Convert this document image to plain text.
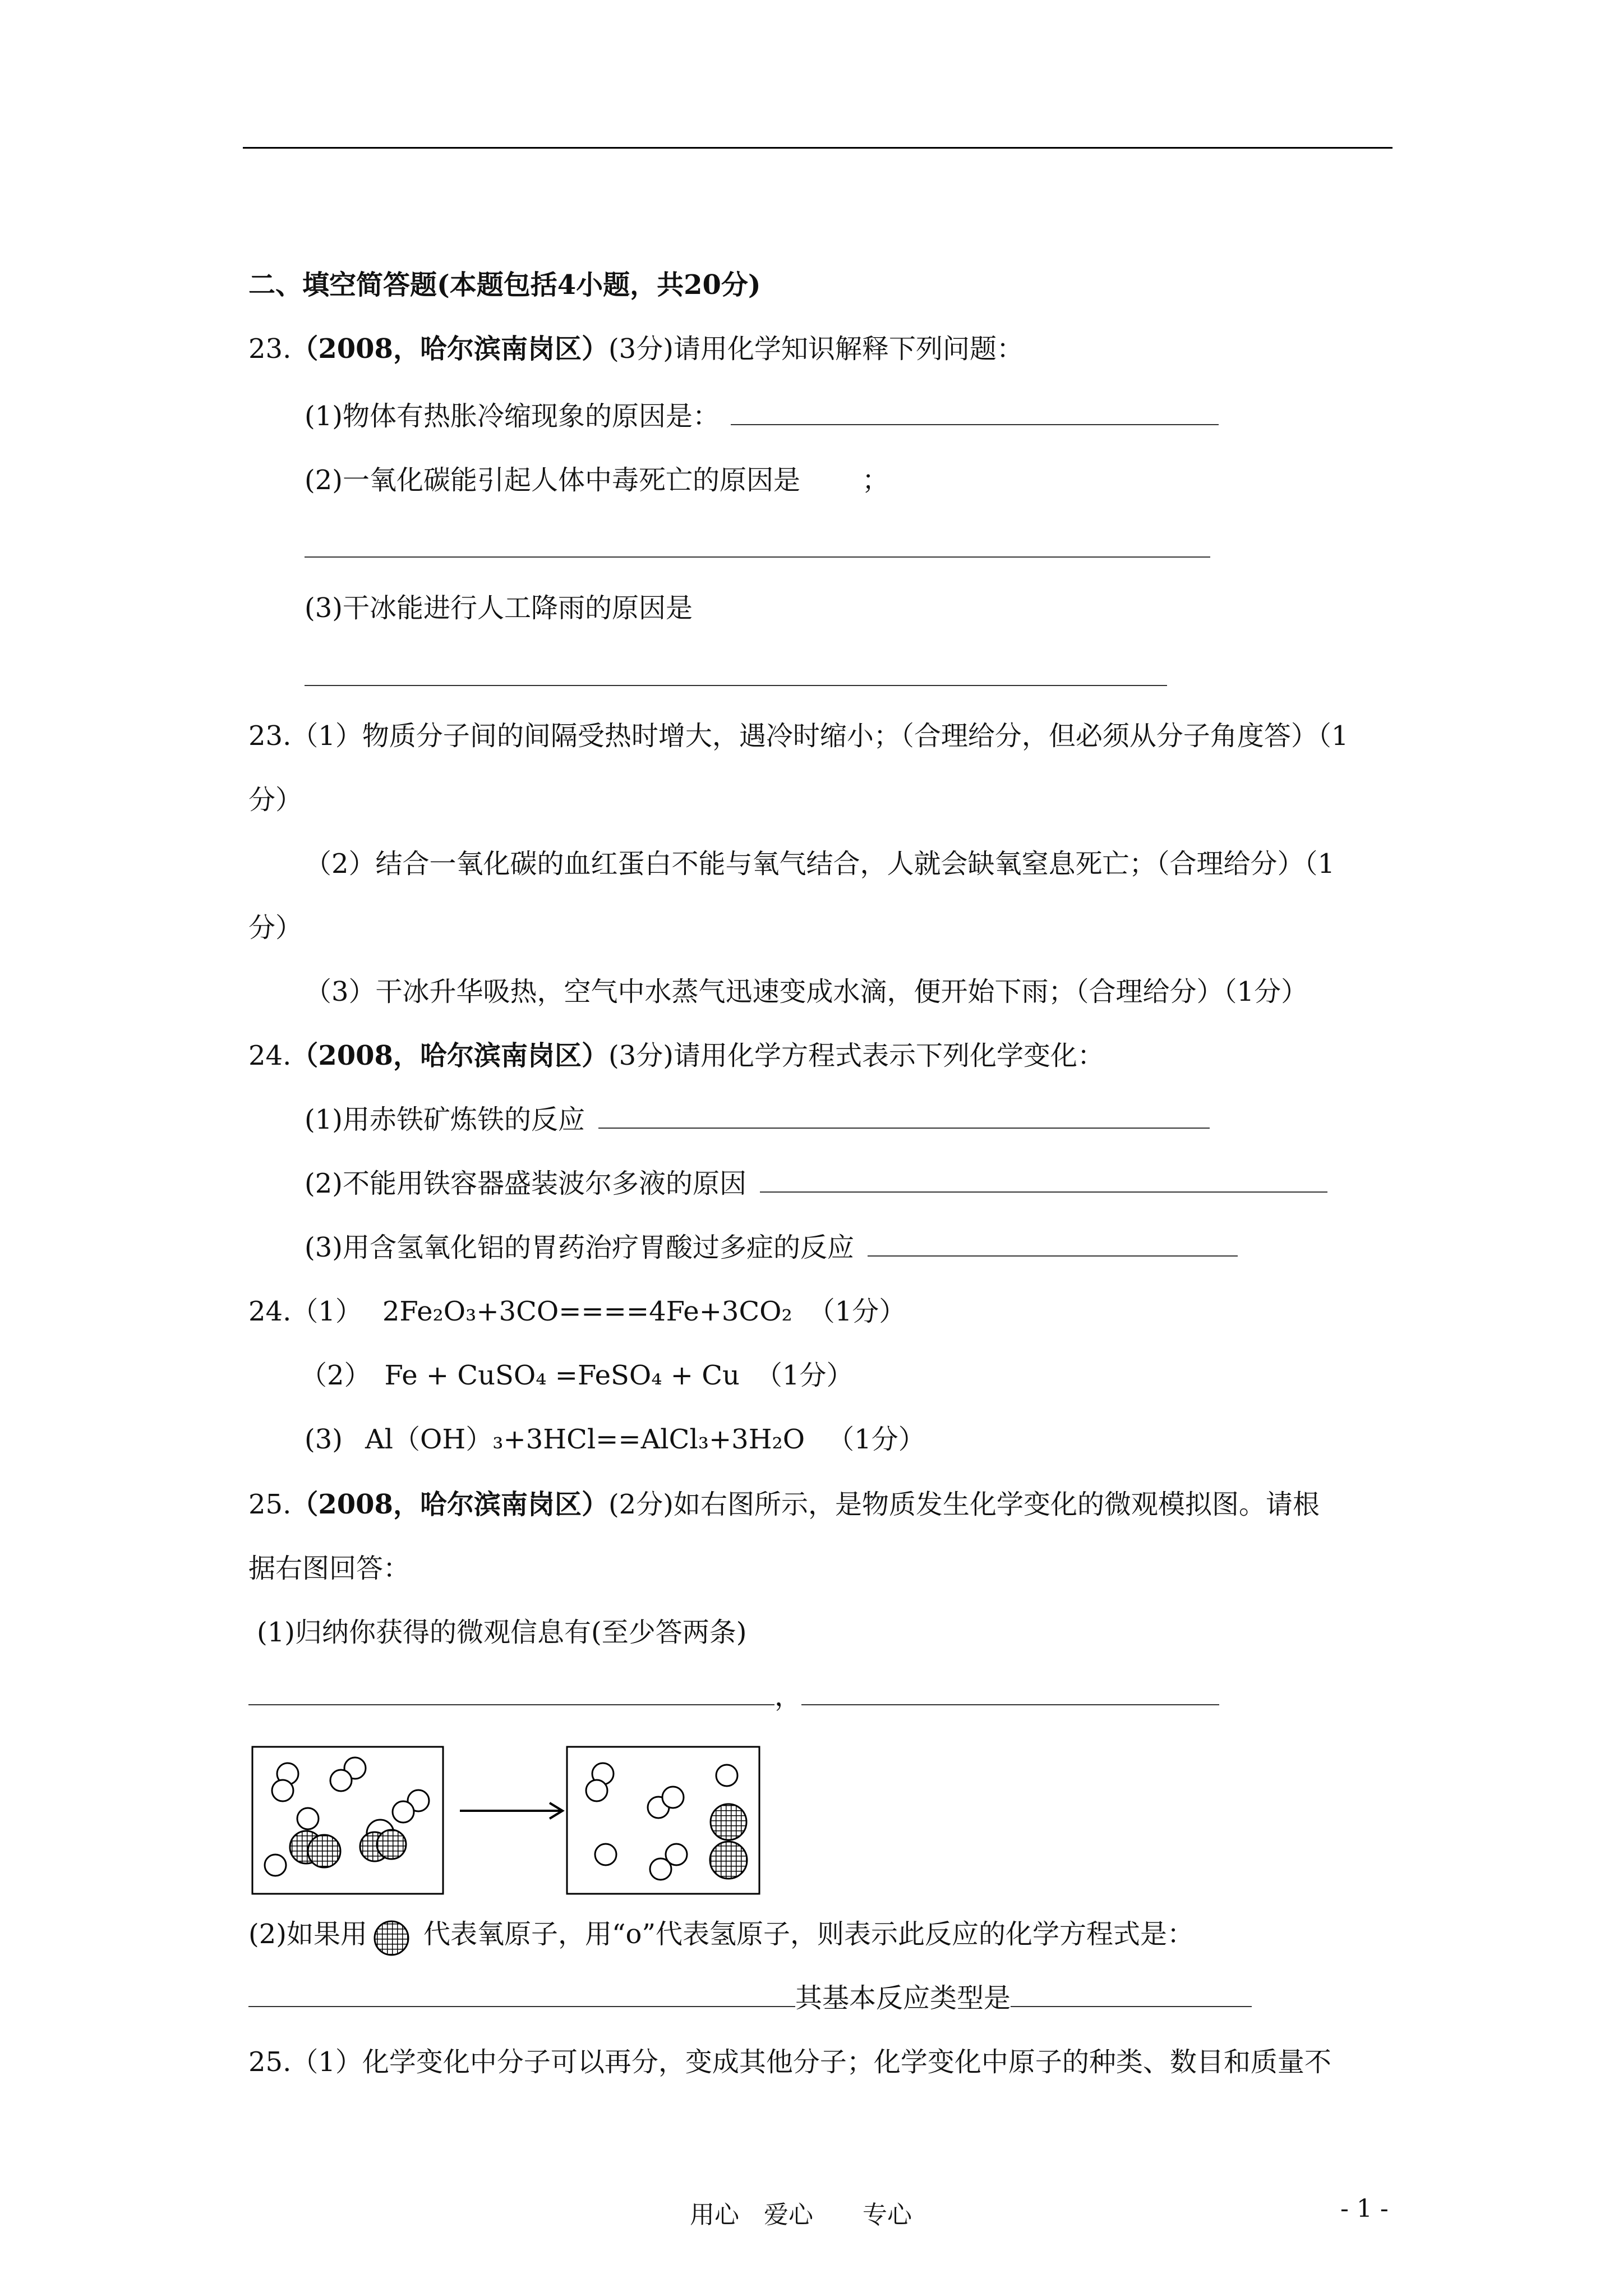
二、填空简答题(本题包括4小题，共20分)
23.（2008，哈尔滨南岗区）(3分)请用化学知识解释下列问题：
(1)物体有热胀冷缩现象的原因是：
(2)一氧化碳能引起人体中毒死亡的原因是 ；
(3)干冰能进行人工降雨的原因是
23.（1）物质分子间的间隔受热时增大，遇冷时缩小；（合理给分，但必须从分子角度答）（1
分）
（2）结合一氧化碳的血红蛋白不能与氧气结合，人就会缺氧窒息死亡；（合理给分）（1
分）
（3）干冰升华吸热，空气中水蒸气迅速变成水滴，便开始下雨；（合理给分）（1分）
24.（2008，哈尔滨南岗区）(3分)请用化学方程式表示下列化学变化：
(1)用赤铁矿炼铁的反应
(2)不能用铁容器盛装波尔多液的原因
(3)用含氢氧化铝的胃药治疗胃酸过多症的反应
24.（1） 2Fe₂O₃+3CO====4Fe+3CO₂ （1分）
（2） Fe + CuSO₄ =FeSO₄ + Cu （1分）
(3) Al（OH）₃+3HCl==AlCl₃+3H₂O （1分）
25.（2008，哈尔滨南岗区）(2分)如右图所示，是物质发生化学变化的微观模拟图。请根
据右图回答：
(1)归纳你获得的微观信息有(至少答两条)
，
(2)如果用 代表氧原子，用“o”代表氢原子，则表示此反应的化学方程式是：
其基本反应类型是
25.（1）化学变化中分子可以再分，变成其他分子；化学变化中原子的种类、数目和质量不
用心　爱心　　专心	- 1 -
